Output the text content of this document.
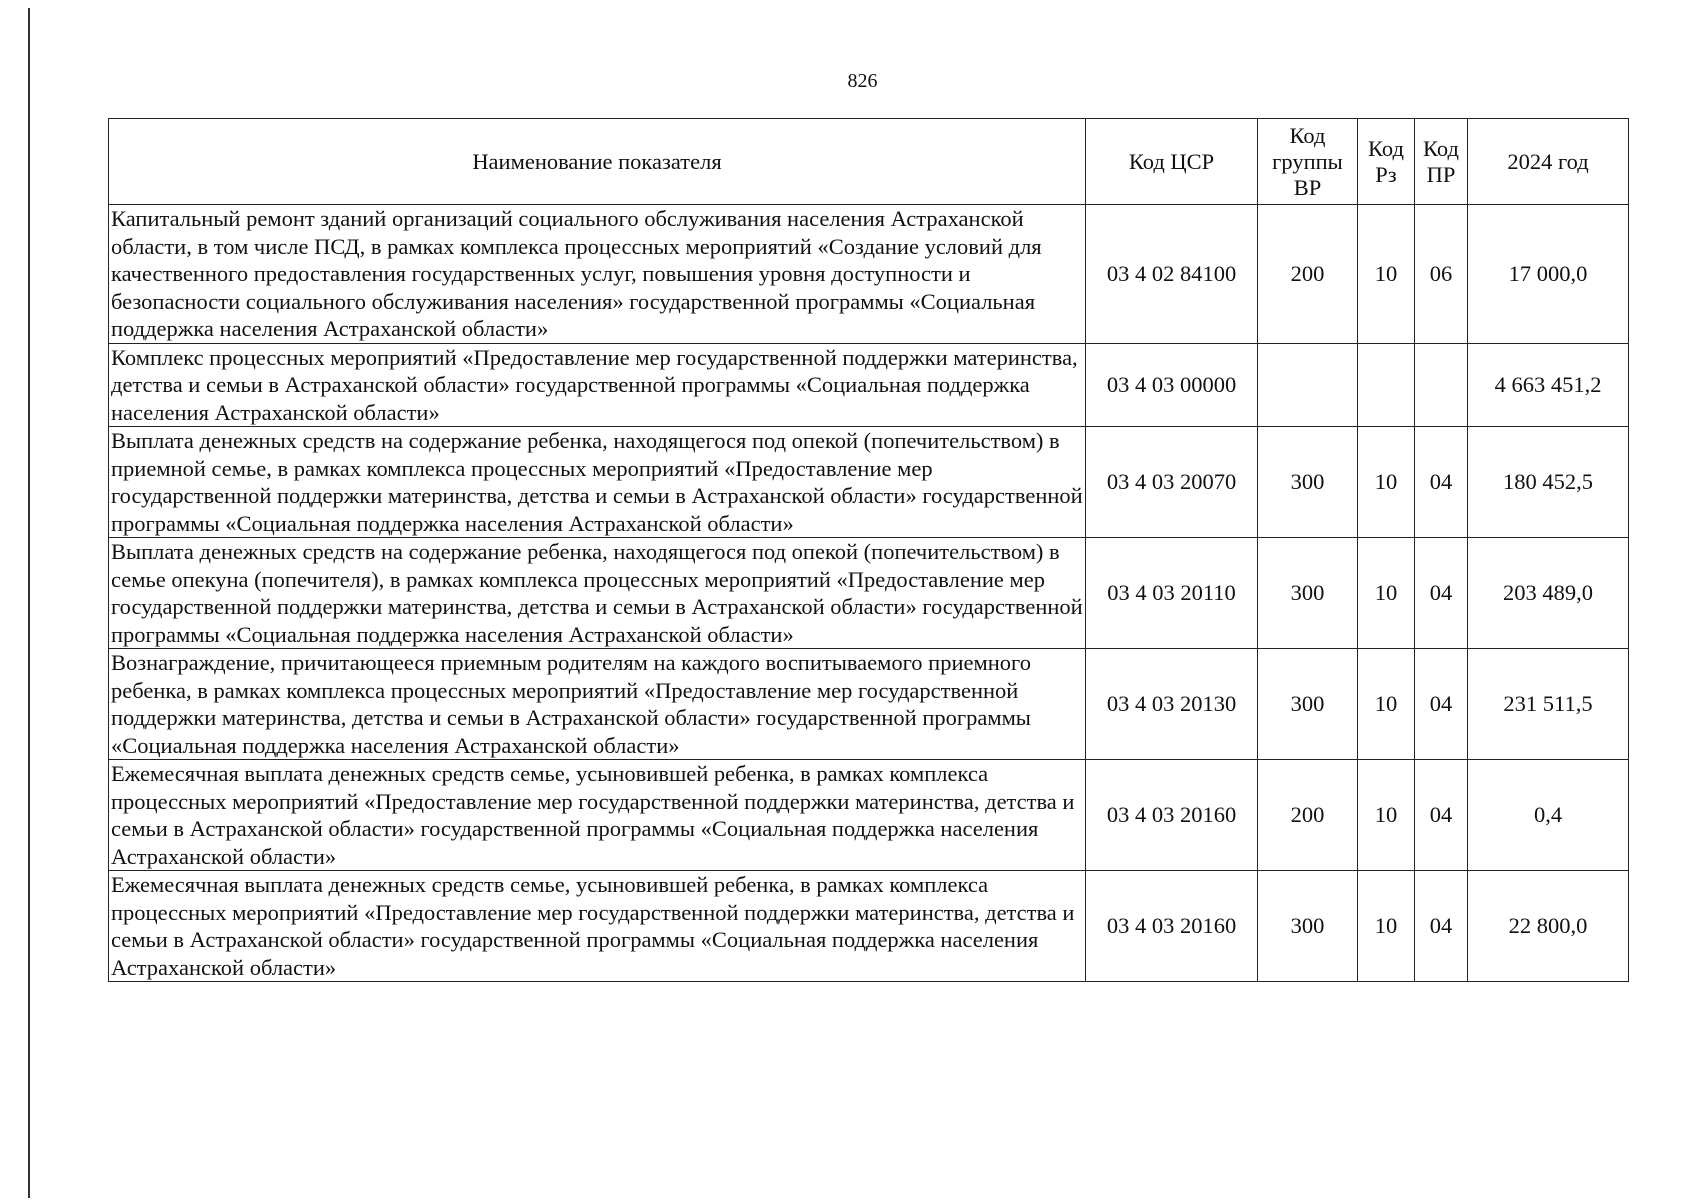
826
Наименование показателя	Код ЦСР	Код группы ВР	Код Рз	Код ПР	2024 год
Капитальный ремонт зданий организаций социального обслуживания населения Астраханской области, в том числе ПСД, в рамках комплекса процессных мероприятий «Создание условий для качественного предоставления государственных услуг, повышения уровня доступности и безопасности социального обслуживания населения» государственной программы «Социальная поддержка населения Астраханской области»	03 4 02 84100	200	10	06	17 000,0
Комплекс процессных мероприятий «Предоставление мер государственной поддержки материнства, детства и семьи в Астраханской области» государственной программы «Социальная поддержка населения Астраханской области»	03 4 03 00000				4 663 451,2
Выплата денежных средств на содержание ребенка, находящегося под опекой (попечительством) в приемной семье, в рамках комплекса процессных мероприятий «Предоставление мер государственной поддержки материнства, детства и семьи в Астраханской области» государственной программы «Социальная поддержка населения Астраханской области»	03 4 03 20070	300	10	04	180 452,5
Выплата денежных средств на содержание ребенка, находящегося под опекой (попечительством) в семье опекуна (попечителя), в рамках комплекса процессных мероприятий «Предоставление мер государственной поддержки материнства, детства и семьи в Астраханской области» государственной программы «Социальная поддержка населения Астраханской области»	03 4 03 20110	300	10	04	203 489,0
Вознаграждение, причитающееся приемным родителям на каждого воспитываемого приемного ребенка, в рамках комплекса процессных мероприятий «Предоставление мер государственной поддержки материнства, детства и семьи в Астраханской области» государственной программы «Социальная поддержка населения Астраханской области»	03 4 03 20130	300	10	04	231 511,5
Ежемесячная выплата денежных средств семье, усыновившей ребенка, в рамках комплекса процессных мероприятий «Предоставление мер государственной поддержки материнства, детства и семьи в Астраханской области» государственной программы «Социальная поддержка населения Астраханской области»	03 4 03 20160	200	10	04	0,4
Ежемесячная выплата денежных средств семье, усыновившей ребенка, в рамках комплекса процессных мероприятий «Предоставление мер государственной поддержки материнства, детства и семьи в Астраханской области» государственной программы «Социальная поддержка населения Астраханской области»	03 4 03 20160	300	10	04	22 800,0
